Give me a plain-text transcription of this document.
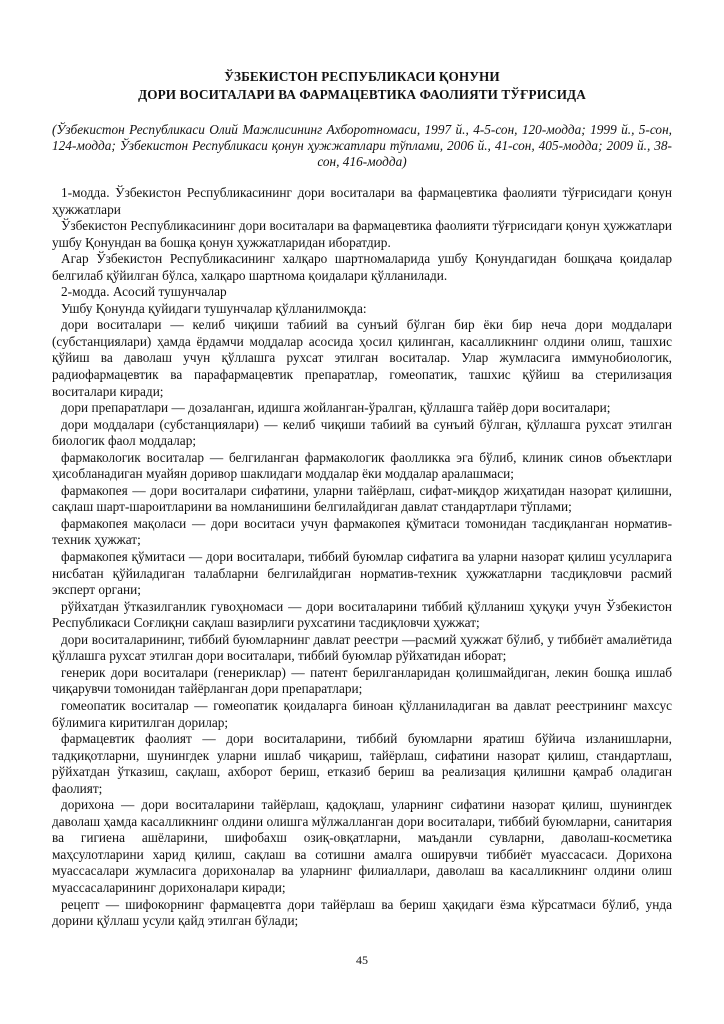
ЎЗБЕКИСТОН РЕСПУБЛИКАСИ ҚОНУНИ
ДОРИ ВОСИТАЛАРИ ВА ФАРМАЦЕВТИКА ФАОЛИЯТИ ТЎҒРИСИДА
(Ўзбекистон Республикаси Олий Мажлисининг Ахборотномаси, 1997 й., 4-5-сон, 120-модда; 1999 й., 5-сон, 124-модда; Ўзбекистон Республикаси қонун ҳужжатлари тўплами, 2006 й., 41-сон, 405-модда; 2009 й., 38-сон, 416-модда)

1-модда. Ўзбекистон Республикасининг дори воситалари ва фармацевтика фаолияти тўғрисидаги қонун ҳужжатлари

Ўзбекистон Республикасининг дори воситалари ва фармацевтика фаолияти тўғрисидаги қонун ҳужжатлари ушбу Қонундан ва бошқа қонун ҳужжатларидан иборатдир.

Агар Ўзбекистон Республикасининг халқаро шартномаларида ушбу Қонундагидан бошқача қоидалар белгилаб қўйилган бўлса, халқаро шартнома қоидалари қўлланилади.

2-модда. Асосий тушунчалар

Ушбу Қонунда қуйидаги тушунчалар қўлланилмоқда:

дори воситалари — келиб чиқиши табиий ва сунъий бўлган бир ёки бир неча дори моддалари (субстанциялари) ҳамда ёрдамчи моддалар асосида ҳосил қилинган, касалликнинг олдини олиш, ташхис қўйиш ва даволаш учун қўллашга рухсат этилган воситалар. Улар жумласига иммунобиологик, радиофармацевтик ва парафармацевтик препаратлар, гомеопатик, ташхис қўйиш ва стерилизация воситалари киради;

дори препаратлари — дозаланган, идишга жойланган-ўралган, қўллашга тайёр дори воситалари;

дори моддалари (субстанциялари) — келиб чиқиши табиий ва сунъий бўлган, қўллашга рухсат этилган биологик фаол моддалар;

фармакологик воситалар — белгиланган фармакологик фаолликка эга бўлиб, клиник синов объектлари ҳисобланадиган муайян доривор шаклидаги моддалар ёки моддалар аралашмаси;

фармакопея — дори воситалари сифатини, уларни тайёрлаш, сифат-миқдор жиҳатидан назорат қилишни, сақлаш шарт-шароитларини ва номланишини белгилайдиган давлат стандартлари тўплами;

фармакопея мақоласи — дори воситаси учун фармакопея қўмитаси томонидан тасдиқланган норматив-техник ҳужжат;

фармакопея қўмитаси — дори воситалари, тиббий буюмлар сифатига ва уларни назорат қилиш усулларига нисбатан қўйиладиган талабларни белгилайдиган норматив-техник ҳужжатларни тасдиқловчи расмий эксперт органи;

рўйхатдан ўтказилганлик гувоҳномаси — дори воситаларини тиббий қўлланиш ҳуқуқи учун Ўзбекистон Республикаси Соғлиқни сақлаш вазирлиги рухсатини тасдиқловчи ҳужжат;

дори воситаларининг, тиббий буюмларнинг давлат реестри —расмий ҳужжат бўлиб, у тиббиёт амалиётида қўллашга рухсат этилган дори воситалари, тиббий буюмлар рўйхатидан иборат;

генерик дори воситалари (генериклар) — патент берилганларидан қолишмайдиган, лекин бошқа ишлаб чиқарувчи томонидан тайёрланган дори препаратлари;

гомеопатик воситалар — гомеопатик қоидаларга биноан қўлланиладиган ва давлат реестрининг махсус бўлимига киритилган дорилар;

фармацевтик фаолият — дори воситаларини, тиббий буюмларни яратиш бўйича изланишларни, тадқиқотларни, шунингдек уларни ишлаб чиқариш, тайёрлаш, сифатини назорат қилиш, стандартлаш, рўйхатдан ўтказиш, сақлаш, ахборот бериш, етказиб бериш ва реализация қилишни қамраб оладиган фаолият;

дорихона — дори воситаларини тайёрлаш, қадоқлаш, уларнинг сифатини назорат қилиш, шунингдек даволаш ҳамда касалликнинг олдини олишга мўлжалланган дори воситалари, тиббий буюмларни, санитария ва гигиена ашёларини, шифобахш озиқ-овқатларни, маъданли сувларни, даволаш-косметика маҳсулотларини харид қилиш, сақлаш ва сотишни амалга оширувчи тиббиёт муассасаси. Дорихона муассасалари жумласига дорихоналар ва уларнинг филиаллари, даволаш ва касалликнинг олдини олиш муассасаларининг дорихоналари киради;

рецепт — шифокорнинг фармацевтга дори тайёрлаш ва бериш ҳақидаги ёзма кўрсатмаси бўлиб, унда дорини қўллаш усули қайд этилган бўлади;

45
